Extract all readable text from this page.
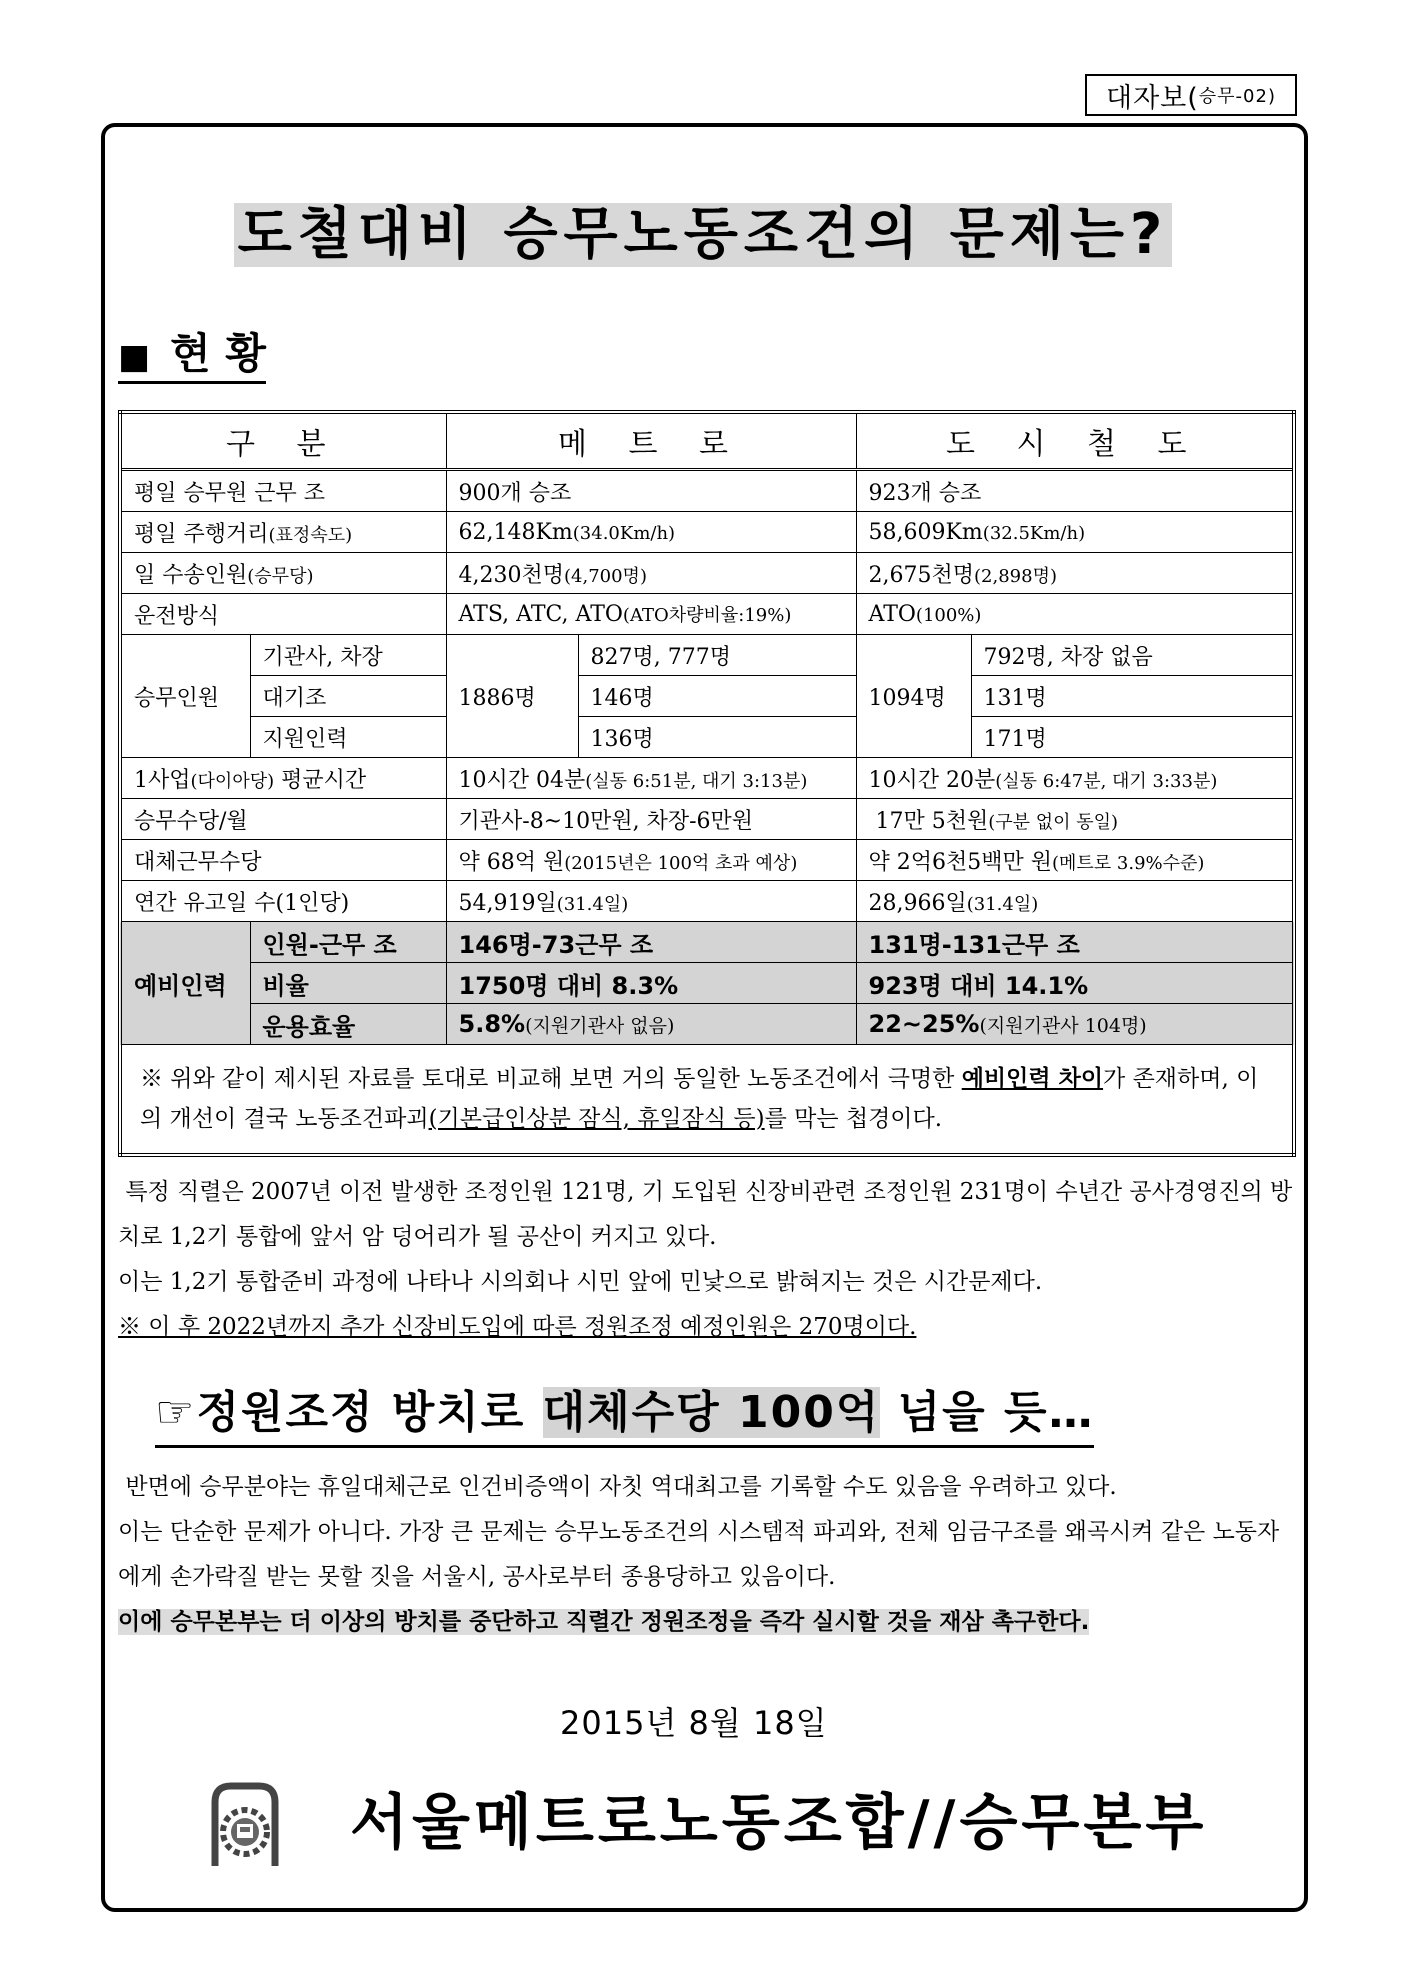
대자보( 승무-02)
도철대비 승무노동조건의 문제는?
■ 현 황
구 분		메 트 로		도 시 철 도	
평일 승무원 근무 조		900개 승조		923개 승조	
평일 주행거리(표정속도)		62,148Km(34.0Km/h)		58,609Km(32.5Km/h)	
일 수송인원(승무당)		4,230천명(4,700명)		2,675천명(2,898명)	
운전방식		ATS, ATC, ATO(ATO차량비율:19%)		ATO(100%)	
승무인원	기관사, 차장	1886명	827명, 777명	1094명	792명, 차장 없음
	대기조		146명		131명
	지원인력		136명		171명
1사업(다이아당) 평균시간		10시간 04분(실동 6:51분, 대기 3:13분)		10시간 20분(실동 6:47분, 대기 3:33분)	
승무수당/월		기관사-8~10만원, 차장-6만원		17만 5천원(구분 없이 동일)	
대체근무수당		약 68억 원(2015년은 100억 초과 예상)		약 2억6천5백만 원(메트로 3.9%수준)	
연간 유고일 수(1인당)		54,919일(31.4일)		28,966일(31.4일)	
예비인력	인원-근무 조	146명-73근무 조		131명-131근무 조	
	비율	1750명 대비 8.3%		923명 대비 14.1%	
	운용효율	5.8%(지원기관사 없음)		22~25%(지원기관사 104명)	
※ 위와 같이 제시된 자료를 토대로 비교해 보면 거의 동일한 노동조건에서 극명한 예비인력 차이가 존재하며, 이의 개선이 결국 노동조건파괴(기본급인상분 잠식, 휴일잠식 등)를 막는 첩경이다.					
특정 직렬은 2007년 이전 발생한 조정인원 121명, 기 도입된 신장비관련 조정인원 231명이 수년간 공사경영진의 방치로 1,2기 통합에 앞서 암 덩어리가 될 공산이 커지고 있다.
이는 1,2기 통합준비 과정에 나타나 시의회나 시민 앞에 민낯으로 밝혀지는 것은 시간문제다.
※ 이 후 2022년까지 추가 신장비도입에 따른 정원조정 예정인원은 270명이다.
☞정원조정 방치로 대체수당 100억 넘을 듯…
반면에 승무분야는 휴일대체근로 인건비증액이 자칫 역대최고를 기록할 수도 있음을 우려하고 있다.
이는 단순한 문제가 아니다. 가장 큰 문제는 승무노동조건의 시스템적 파괴와, 전체 임금구조를 왜곡시켜 같은 노동자에게 손가락질 받는 못할 짓을 서울시, 공사로부터 종용당하고 있음이다.
이에 승무본부는 더 이상의 방치를 중단하고 직렬간 정원조정을 즉각 실시할 것을 재삼 촉구한다.
2015년 8월 18일
서울메트로노동조합//승무본부
